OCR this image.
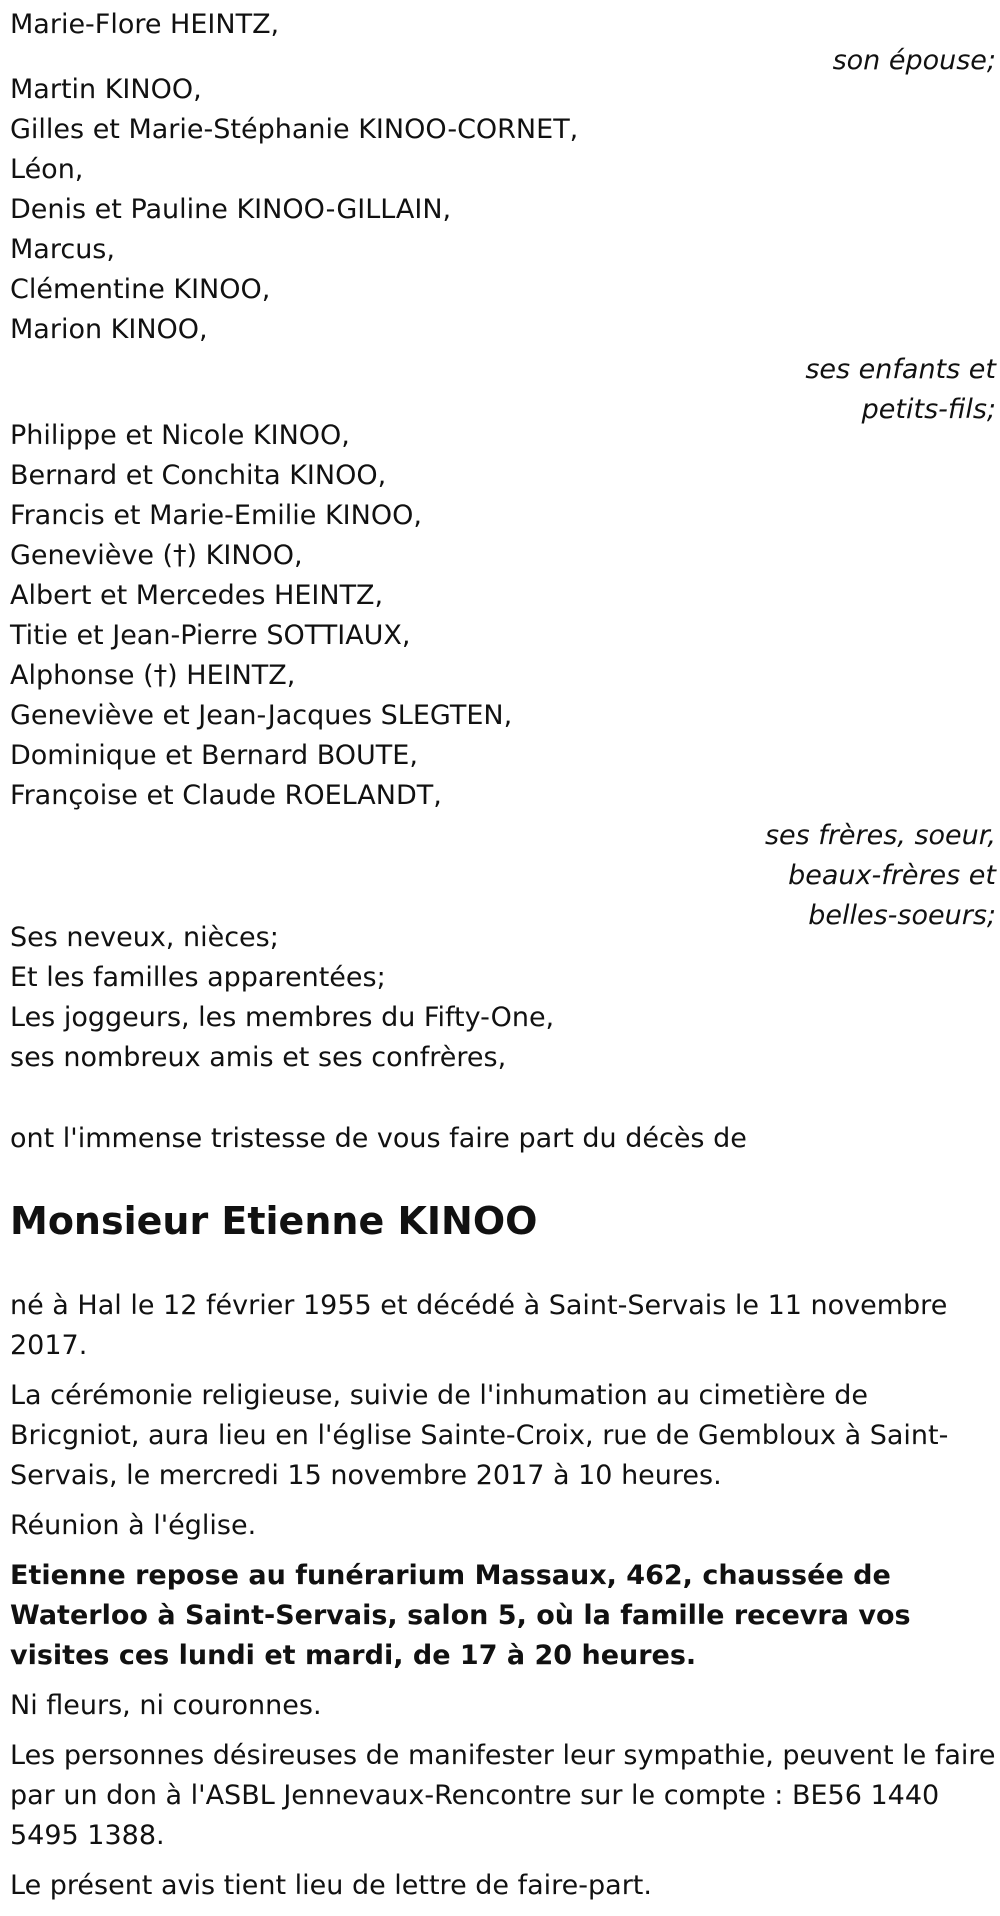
Marie-Flore HEINTZ,
son épouse;
Martin KINOO,
Gilles et Marie-Stéphanie KINOO-CORNET,
Léon,
Denis et Pauline KINOO-GILLAIN,
Marcus,
Clémentine KINOO,
Marion KINOO,
ses enfants et
petits-fils;
Philippe et Nicole KINOO,
Bernard et Conchita KINOO,
Francis et Marie-Emilie KINOO,
Geneviève (†) KINOO,
Albert et Mercedes HEINTZ,
Titie et Jean-Pierre SOTTIAUX,
Alphonse (†) HEINTZ,
Geneviève et Jean-Jacques SLEGTEN,
Dominique et Bernard BOUTE,
Françoise et Claude ROELANDT,
ses frères, soeur,
beaux-frères et
belles-soeurs;
Ses neveux, nièces;
Et les familles apparentées;
Les joggeurs, les membres du Fifty-One,
ses nombreux amis et ses confrères,
ont l'immense tristesse de vous faire part du décès de
Monsieur Etienne KINOO

né à Hal le 12 février 1955 et décédé à Saint-Servais le 11 novembre 2017.

La cérémonie religieuse, suivie de l'inhumation au cimetière de Bricgniot, aura lieu en l'église Sainte-Croix, rue de Gembloux à Saint-Servais, le mercredi 15 novembre 2017 à 10 heures.

Réunion à l'église.

Etienne repose au funérarium Massaux, 462, chaussée de Waterloo à Saint-Servais, salon 5, où la famille recevra vos visites ces lundi et mardi, de 17 à 20 heures.

Ni fleurs, ni couronnes.

Les personnes désireuses de manifester leur sympathie, peuvent le faire par un don à l'ASBL Jennevaux-Rencontre sur le compte : BE56 1440 5495 1388.

Le présent avis tient lieu de lettre de faire-part.
